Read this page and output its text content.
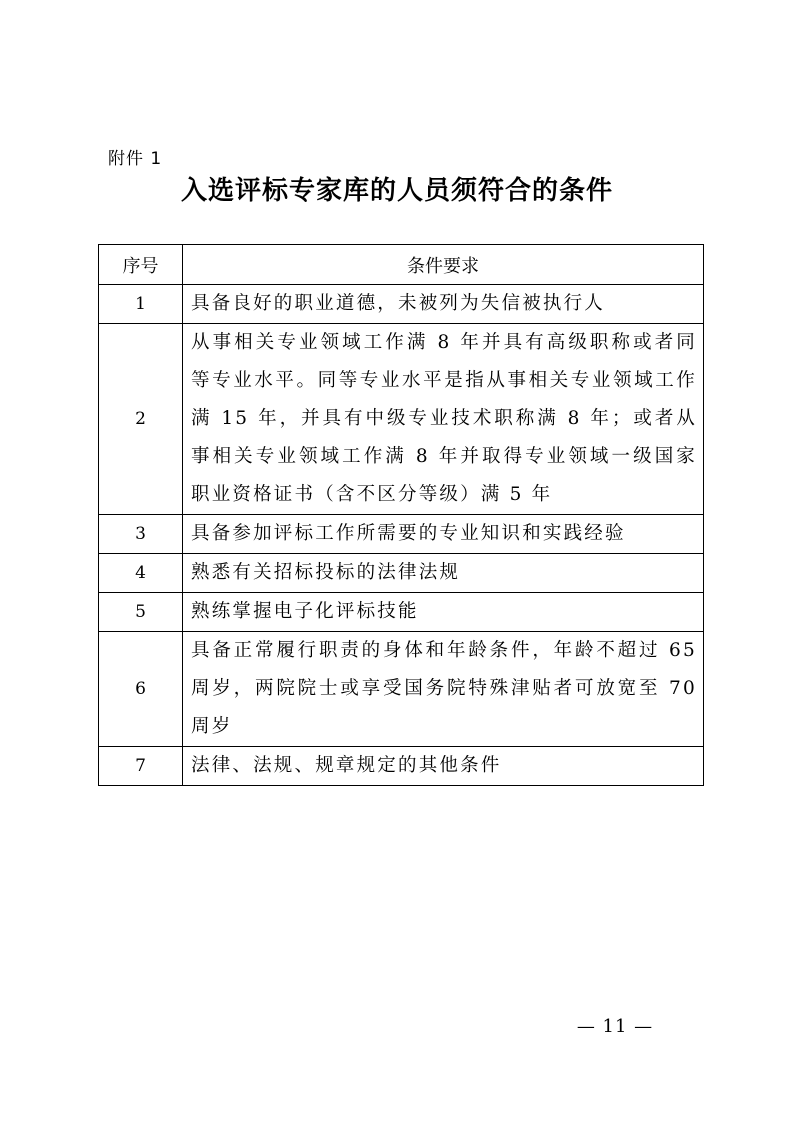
附件 1
入选评标专家库的人员须符合的条件
序号	条件要求
1	具备良好的职业道德，未被列为失信被执行人
2	从事相关专业领域工作满 8 年并具有高级职称或者同等专业水平。同等专业水平是指从事相关专业领域工作满 15 年，并具有中级专业技术职称满 8 年；或者从事相关专业领域工作满 8 年并取得专业领域一级国家职业资格证书（含不区分等级）满 5 年
3	具备参加评标工作所需要的专业知识和实践经验
4	熟悉有关招标投标的法律法规
5	熟练掌握电子化评标技能
6	具备正常履行职责的身体和年龄条件，年龄不超过 65 周岁，两院院士或享受国务院特殊津贴者可放宽至 70 周岁
7	法律、法规、规章规定的其他条件
— 11 —
